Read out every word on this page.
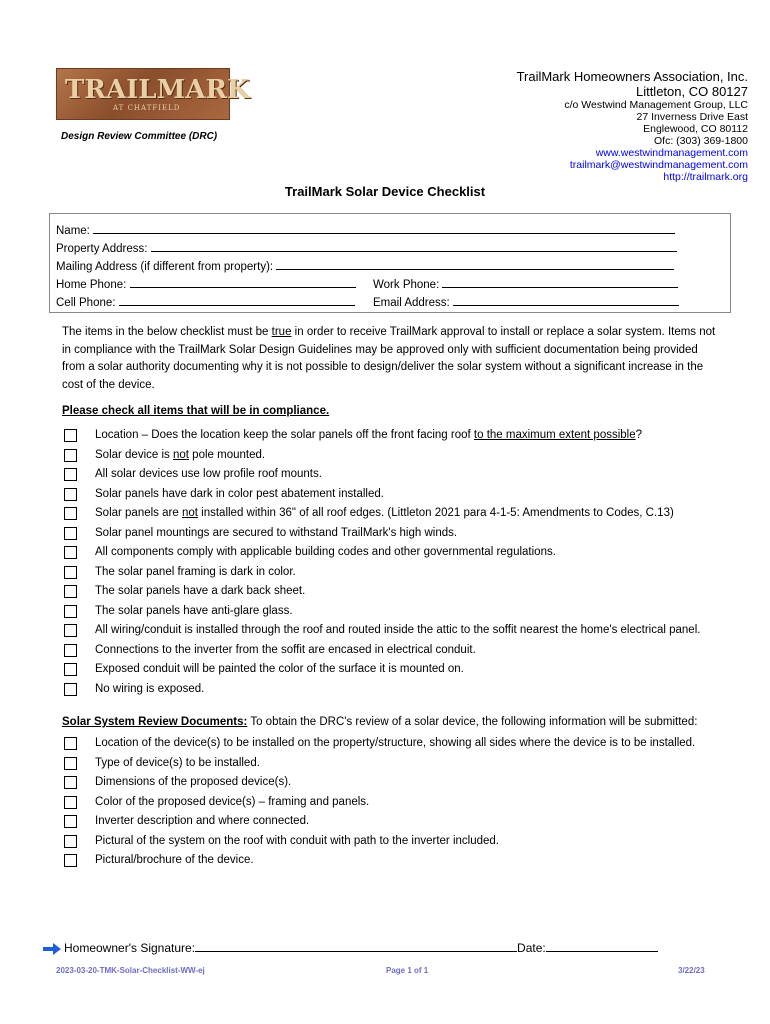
TRAILMARK
AT CHATFIELD
Design Review Committee (DRC)
TrailMark Homeowners Association, Inc.
Littleton, CO 80127
c/o Westwind Management Group, LLC
27 Inverness Drive East
Englewood, CO 80112
Ofc: (303) 369-1800
www.westwindmanagement.com
trailmark@westwindmanagement.com
http://trailmark.org
TrailMark Solar Device Checklist
Name:
Property Address:
Mailing Address (if different from property):
Home Phone:	Work Phone:
Cell Phone:	Email Address:
The items in the below checklist must be true in order to receive TrailMark approval to install or replace a solar system. Items not in compliance with the TrailMark Solar Design Guidelines may be approved only with sufficient documentation being provided from a solar authority documenting why it is not possible to design/deliver the solar system without a significant increase in the cost of the device.
Please check all items that will be in compliance.
Location – Does the location keep the solar panels off the front facing roof to the maximum extent possible?
Solar device is not pole mounted.
All solar devices use low profile roof mounts.
Solar panels have dark in color pest abatement installed.
Solar panels are not installed within 36" of all roof edges. (Littleton 2021 para 4-1-5: Amendments to Codes, C.13)
Solar panel mountings are secured to withstand TrailMark's high winds.
All components comply with applicable building codes and other governmental regulations.
The solar panel framing is dark in color.
The solar panels have a dark back sheet.
The solar panels have anti-glare glass.
All wiring/conduit is installed through the roof and routed inside the attic to the soffit nearest the home's electrical panel.
Connections to the inverter from the soffit are encased in electrical conduit.
Exposed conduit will be painted the color of the surface it is mounted on.
No wiring is exposed.
Solar System Review Documents: To obtain the DRC's review of a solar device, the following information will be submitted:
Location of the device(s) to be installed on the property/structure, showing all sides where the device is to be installed.
Type of device(s) to be installed.
Dimensions of the proposed device(s).
Color of the proposed device(s) – framing and panels.
Inverter description and where connected.
Pictural of the system on the roof with conduit with path to the inverter included.
Pictural/brochure of the device.
Homeowner's Signature:	Date:
2023-03-20-TMK-Solar-Checklist-WW-ej	Page 1 of 1	3/22/23
